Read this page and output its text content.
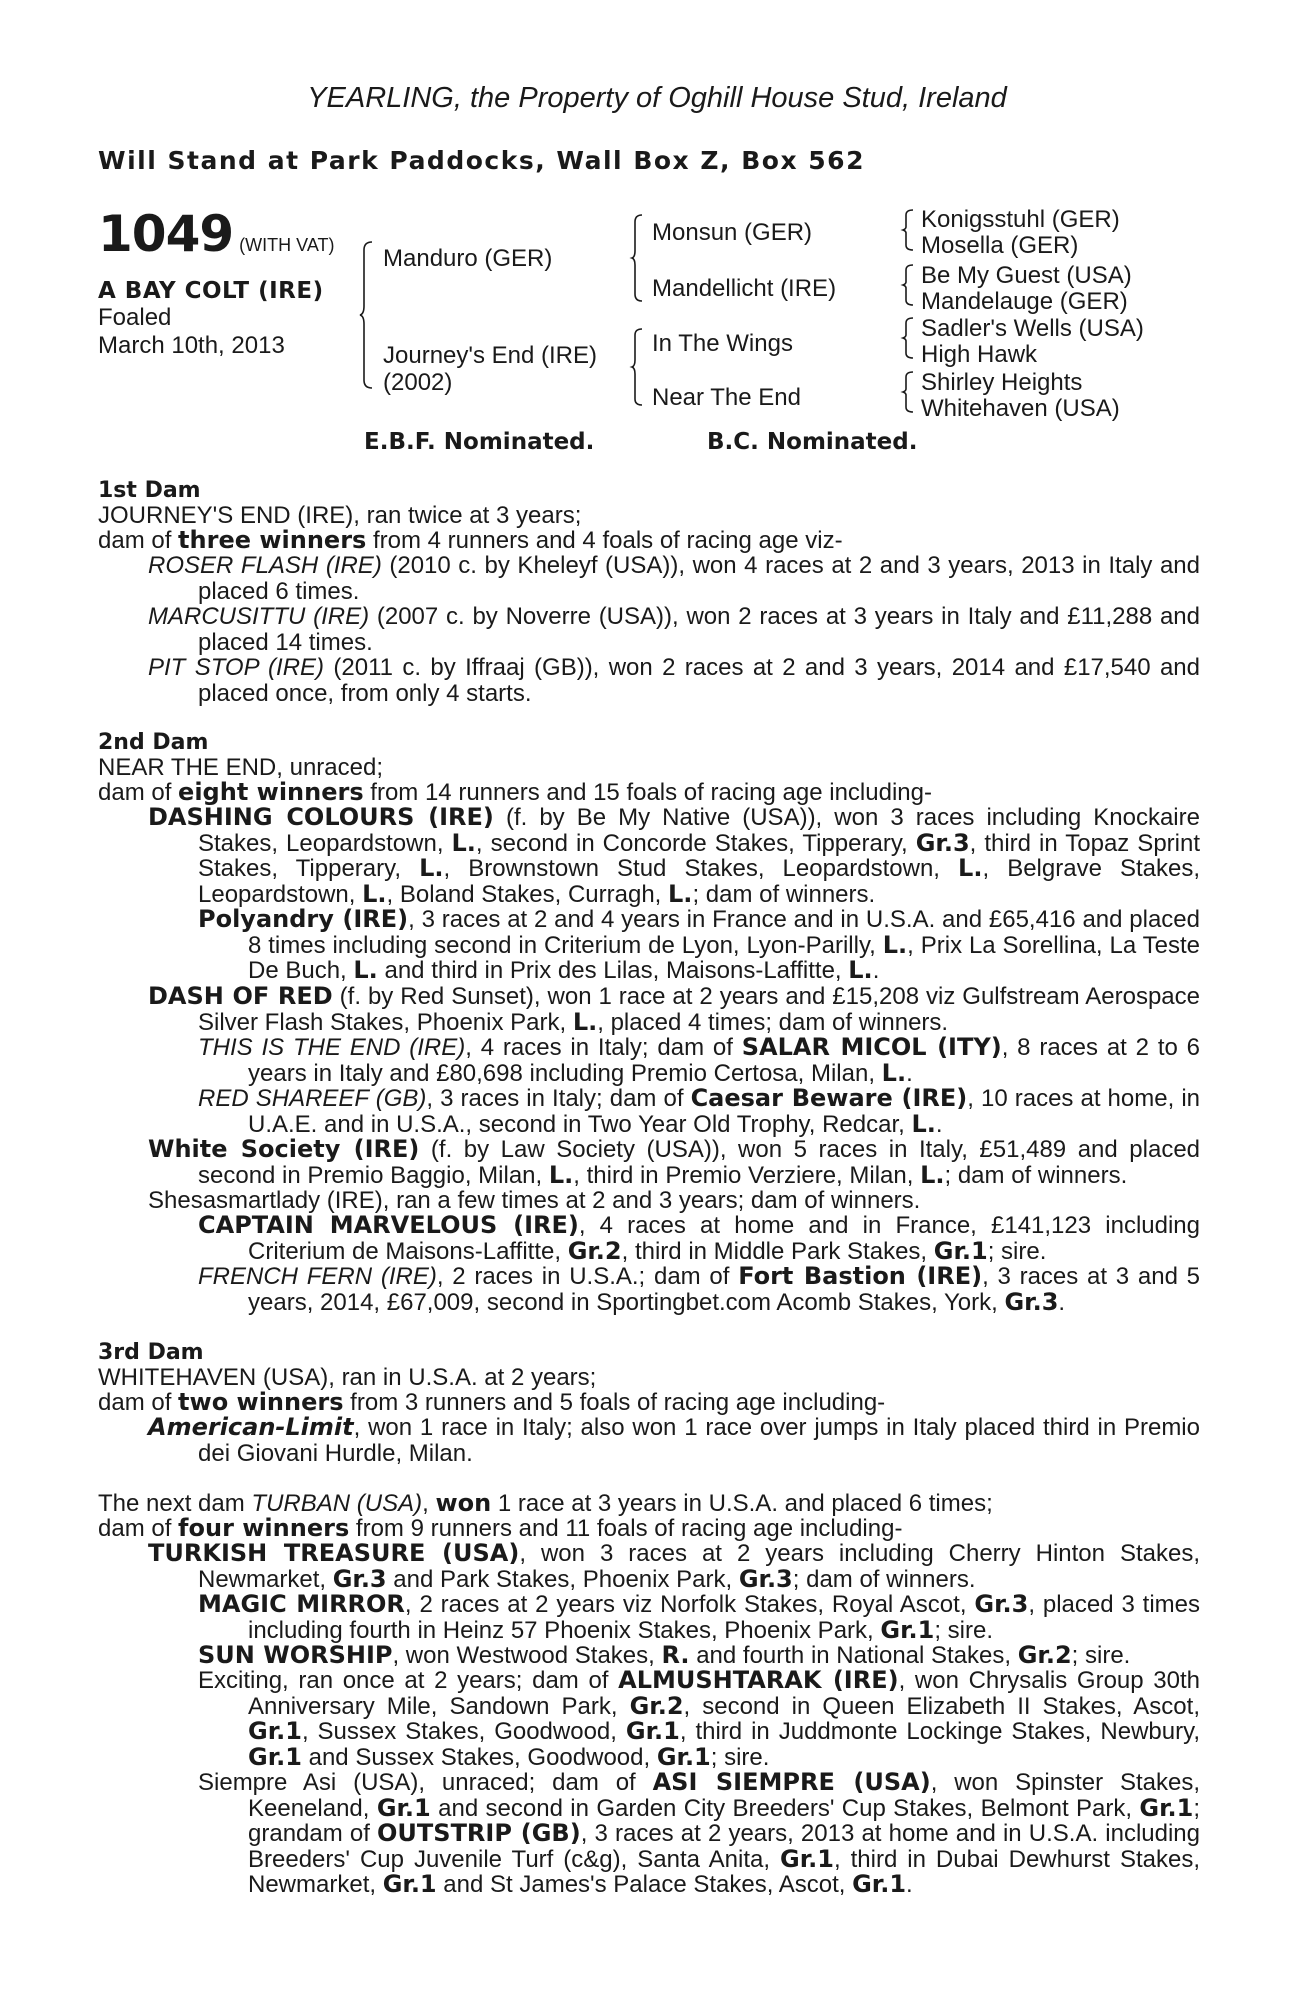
YEARLING, the Property of Oghill House Stud, Ireland
Will Stand at Park Paddocks, Wall Box Z, Box 562
1049 (WITH VAT)
A BAY COLT (IRE)
Foaled
March 10th, 2013
Manduro (GER)
Journey's End (IRE)
(2002)
Monsun (GER)
Mandellicht (IRE)
In The Wings
Near The End
Konigsstuhl (GER)
Mosella (GER)
Be My Guest (USA)
Mandelauge (GER)
Sadler's Wells (USA)
High Hawk
Shirley Heights
Whitehaven (USA)
E.B.F. Nominated.	B.C. Nominated.
1st Dam
JOURNEY'S END (IRE), ran twice at 3 years;
dam of three winners from 4 runners and 4 foals of racing age viz-
ROSER FLASH (IRE) (2010 c. by Kheleyf (USA)), won 4 races at 2 and 3 years, 2013 in Italy and placed 6 times.
MARCUSITTU (IRE) (2007 c. by Noverre (USA)), won 2 races at 3 years in Italy and £11,288 and placed 14 times.
PIT STOP (IRE) (2011 c. by Iffraaj (GB)), won 2 races at 2 and 3 years, 2014 and £17,540 and placed once, from only 4 starts.
2nd Dam
NEAR THE END, unraced;
dam of eight winners from 14 runners and 15 foals of racing age including-
DASHING COLOURS (IRE) (f. by Be My Native (USA)), won 3 races including Knockaire Stakes, Leopardstown, L., second in Concorde Stakes, Tipperary, Gr.3, third in Topaz Sprint Stakes, Tipperary, L., Brownstown Stud Stakes, Leopardstown, L., Belgrave Stakes, Leopardstown, L., Boland Stakes, Curragh, L.; dam of winners.
Polyandry (IRE), 3 races at 2 and 4 years in France and in U.S.A. and £65,416 and placed 8 times including second in Criterium de Lyon, Lyon-Parilly, L., Prix La Sorellina, La Teste De Buch, L. and third in Prix des Lilas, Maisons-Laffitte, L..
DASH OF RED (f. by Red Sunset), won 1 race at 2 years and £15,208 viz Gulfstream Aerospace Silver Flash Stakes, Phoenix Park, L., placed 4 times; dam of winners.
THIS IS THE END (IRE), 4 races in Italy; dam of SALAR MICOL (ITY), 8 races at 2 to 6 years in Italy and £80,698 including Premio Certosa, Milan, L..
RED SHAREEF (GB), 3 races in Italy; dam of Caesar Beware (IRE), 10 races at home, in U.A.E. and in U.S.A., second in Two Year Old Trophy, Redcar, L..
White Society (IRE) (f. by Law Society (USA)), won 5 races in Italy, £51,489 and placed second in Premio Baggio, Milan, L., third in Premio Verziere, Milan, L.; dam of winners.
Shesasmartlady (IRE), ran a few times at 2 and 3 years; dam of winners.
CAPTAIN MARVELOUS (IRE), 4 races at home and in France, £141,123 including Criterium de Maisons-Laffitte, Gr.2, third in Middle Park Stakes, Gr.1; sire.
FRENCH FERN (IRE), 2 races in U.S.A.; dam of Fort Bastion (IRE), 3 races at 3 and 5 years, 2014, £67,009, second in Sportingbet.com Acomb Stakes, York, Gr.3.
3rd Dam
WHITEHAVEN (USA), ran in U.S.A. at 2 years;
dam of two winners from 3 runners and 5 foals of racing age including-
American-Limit, won 1 race in Italy; also won 1 race over jumps in Italy placed third in Premio dei Giovani Hurdle, Milan.
The next dam TURBAN (USA), won 1 race at 3 years in U.S.A. and placed 6 times;
dam of four winners from 9 runners and 11 foals of racing age including-
TURKISH TREASURE (USA), won 3 races at 2 years including Cherry Hinton Stakes, Newmarket, Gr.3 and Park Stakes, Phoenix Park, Gr.3; dam of winners.
MAGIC MIRROR, 2 races at 2 years viz Norfolk Stakes, Royal Ascot, Gr.3, placed 3 times including fourth in Heinz 57 Phoenix Stakes, Phoenix Park, Gr.1; sire.
SUN WORSHIP, won Westwood Stakes, R. and fourth in National Stakes, Gr.2; sire.
Exciting, ran once at 2 years; dam of ALMUSHTARAK (IRE), won Chrysalis Group 30th Anniversary Mile, Sandown Park, Gr.2, second in Queen Elizabeth II Stakes, Ascot, Gr.1, Sussex Stakes, Goodwood, Gr.1, third in Juddmonte Lockinge Stakes, Newbury, Gr.1 and Sussex Stakes, Goodwood, Gr.1; sire.
Siempre Asi (USA), unraced; dam of ASI SIEMPRE (USA), won Spinster Stakes, Keeneland, Gr.1 and second in Garden City Breeders' Cup Stakes, Belmont Park, Gr.1; grandam of OUTSTRIP (GB), 3 races at 2 years, 2013 at home and in U.S.A. including Breeders' Cup Juvenile Turf (c&g), Santa Anita, Gr.1, third in Dubai Dewhurst Stakes, Newmarket, Gr.1 and St James's Palace Stakes, Ascot, Gr.1.
